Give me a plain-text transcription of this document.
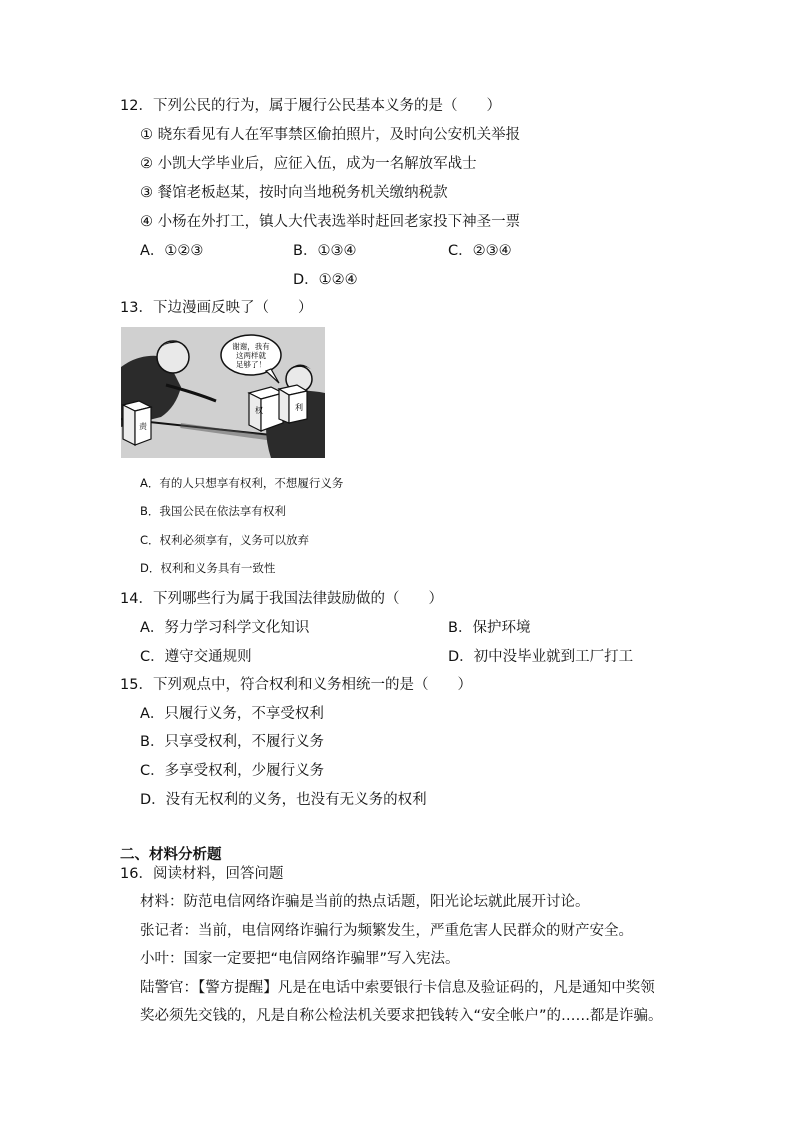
12．下列公民的行为，属于履行公民基本义务的是（　　）
① 晓东看见有人在军事禁区偷拍照片，及时向公安机关举报
② 小凯大学毕业后，应征入伍，成为一名解放军战士
③ 餐馆老板赵某，按时向当地税务机关缴纳税款
④ 小杨在外打工，镇人大代表选举时赶回老家投下神圣一票
A．①②③	B．①③④	C．②③④
D．①②④
13．下边漫画反映了（　　）
谢谢，我有
这两样就
足够了！
权	利
责
A．有的人只想享有权利，不想履行义务
B．我国公民在依法享有权利
C．权利必须享有，义务可以放弃
D．权利和义务具有一致性
14．下列哪些行为属于我国法律鼓励做的（　　）
A．努力学习科学文化知识	B．保护环境
C．遵守交通规则	D．初中没毕业就到工厂打工
15．下列观点中，符合权利和义务相统一的是（　　）
A．只履行义务，不享受权利
B．只享受权利，不履行义务
C．多享受权利，少履行义务
D．没有无权利的义务，也没有无义务的权利
二、材料分析题
16．阅读材料，回答问题
材料：防范电信网络诈骗是当前的热点话题，阳光论坛就此展开讨论。
张记者：当前，电信网络诈骗行为频繁发生，严重危害人民群众的财产安全。
小叶：国家一定要把“电信网络诈骗罪”写入宪法。
陆警官：【警方提醒】凡是在电话中索要银行卡信息及验证码的，凡是通知中奖领
奖必须先交钱的，凡是自称公检法机关要求把钱转入“安全帐户”的……都是诈骗。
